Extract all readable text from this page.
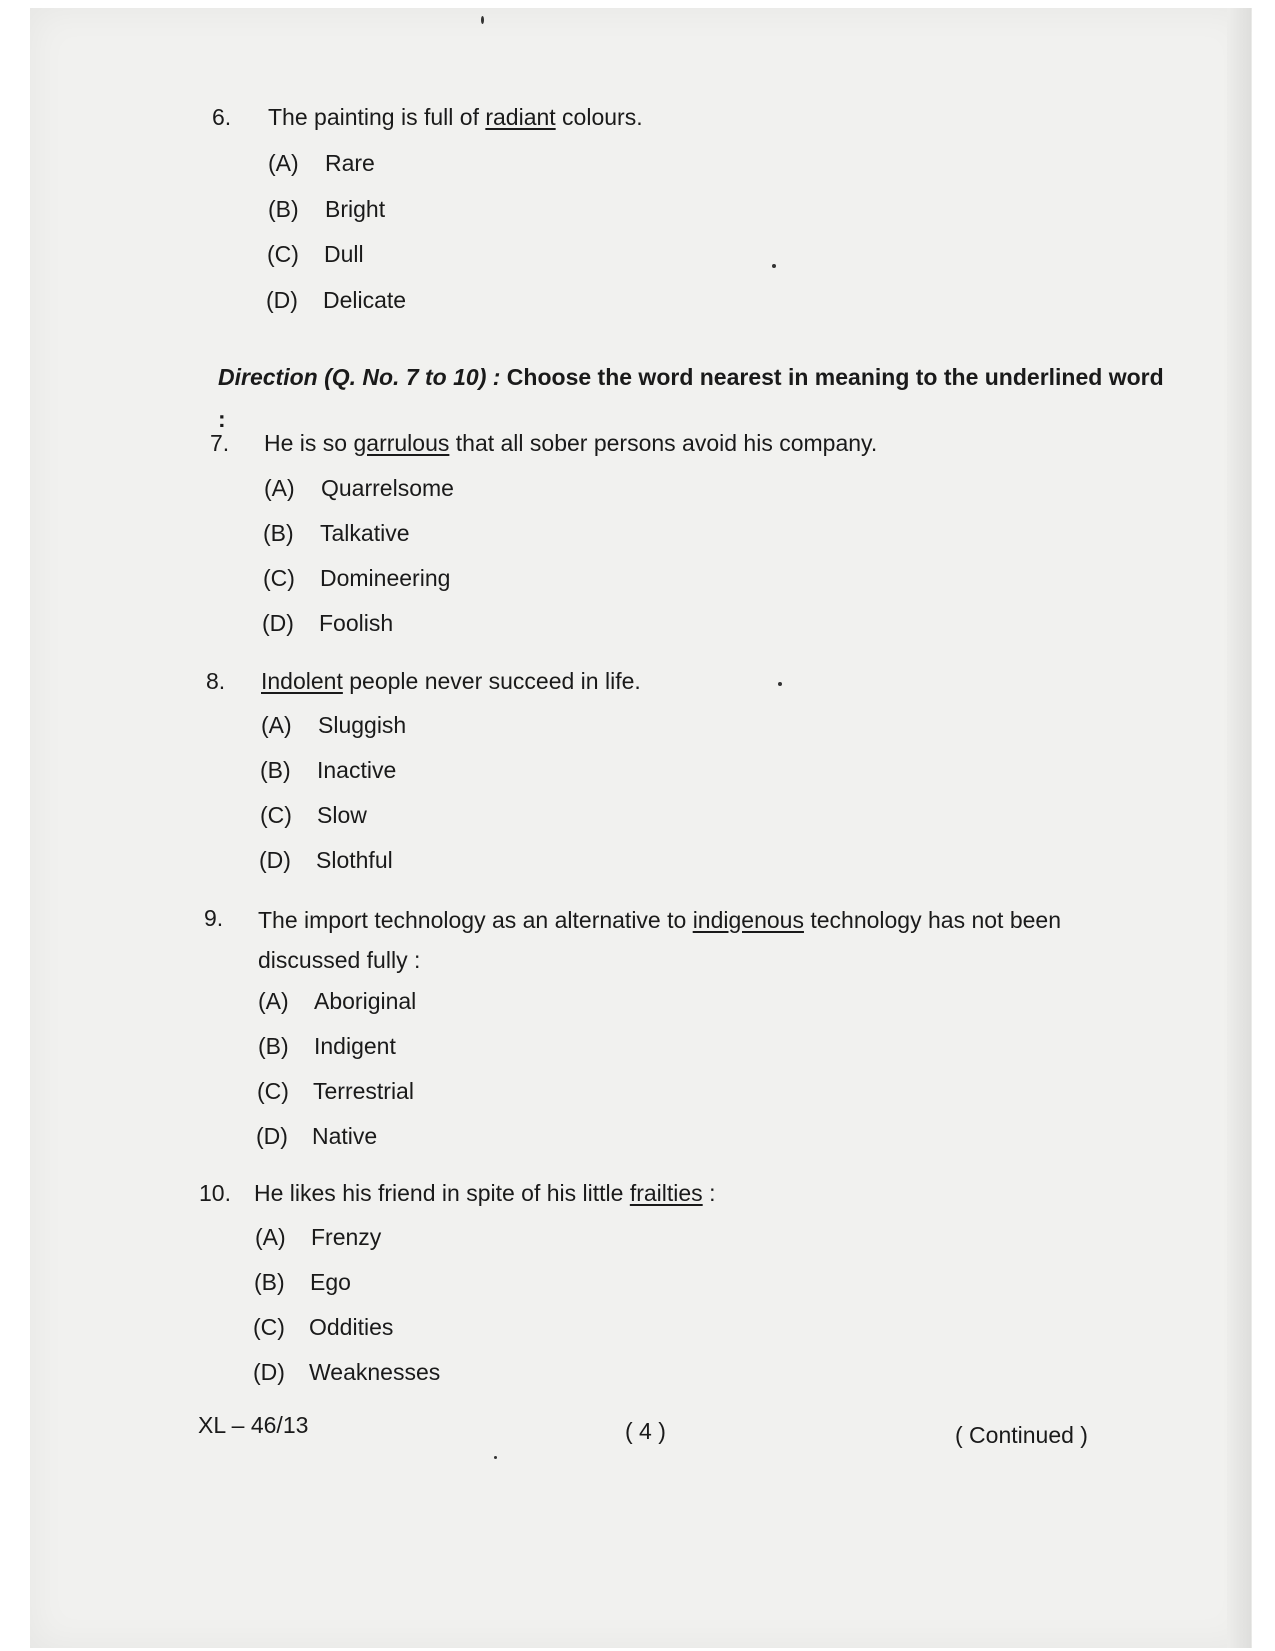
6. The painting is full of radiant colours.
(A) Rare
(B) Bright
(C) Dull
(D) Delicate
Direction (Q. No. 7 to 10) : Choose the word nearest in meaning to the underlined word :
7. He is so garrulous that all sober persons avoid his company.
(A) Quarrelsome
(B) Talkative
(C) Domineering
(D) Foolish
8. Indolent people never succeed in life.
(A) Sluggish
(B) Inactive
(C) Slow
(D) Slothful
9. The import technology as an alternative to indigenous technology has not been discussed fully :
(A) Aboriginal
(B) Indigent
(C) Terrestrial
(D) Native
10. He likes his friend in spite of his little frailties :
(A) Frenzy
(B) Ego
(C) Oddities
(D) Weaknesses
XL – 46/13	( 4 )	( Continued )
